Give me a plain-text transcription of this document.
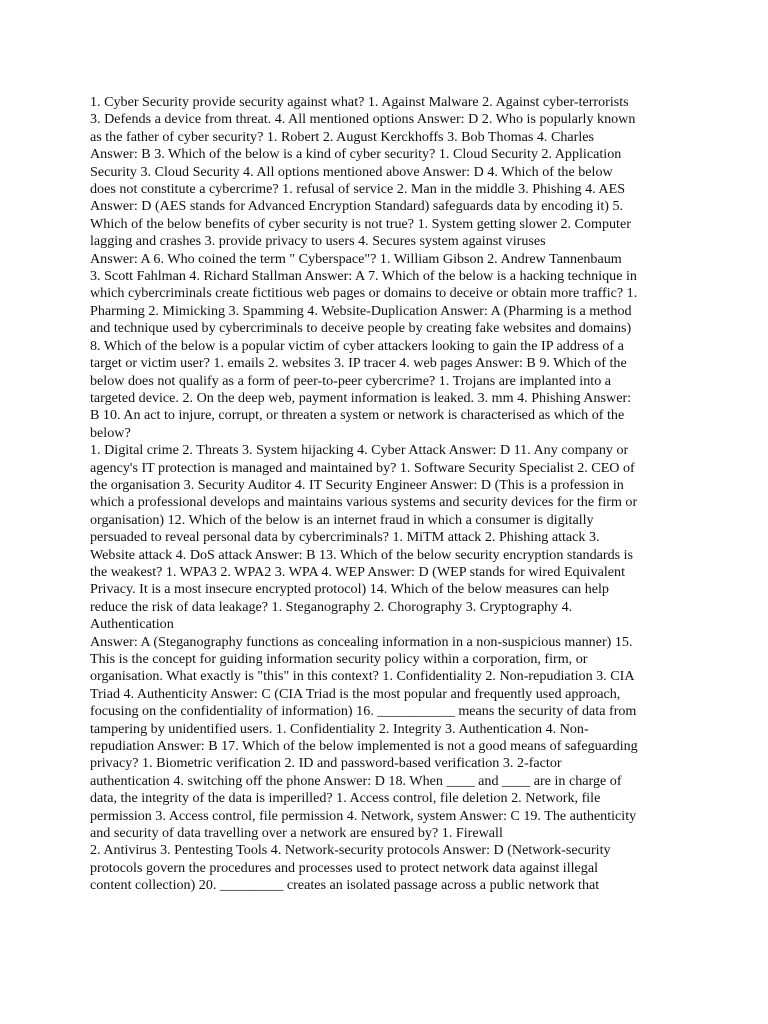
1. Cyber Security provide security against what? 1. Against Malware 2. Against cyber-terrorists
3. Defends a device from threat. 4. All mentioned options Answer: D 2. Who is popularly known
as the father of cyber security? 1. Robert 2. August Kerckhoffs 3. Bob Thomas 4. Charles
Answer: B 3. Which of the below is a kind of cyber security? 1. Cloud Security 2. Application
Security 3. Cloud Security 4. All options mentioned above Answer: D 4. Which of the below
does not constitute a cybercrime? 1. refusal of service 2. Man in the middle 3. Phishing 4. AES
Answer: D (AES stands for Advanced Encryption Standard) safeguards data by encoding it) 5.
Which of the below benefits of cyber security is not true? 1. System getting slower 2. Computer
lagging and crashes 3. provide privacy to users 4. Secures system against viruses
Answer: A 6. Who coined the term " Cyberspace"? 1. William Gibson 2. Andrew Tannenbaum
3. Scott Fahlman 4. Richard Stallman Answer: A 7. Which of the below is a hacking technique in
which cybercriminals create fictitious web pages or domains to deceive or obtain more traffic? 1.
Pharming 2. Mimicking 3. Spamming 4. Website-Duplication Answer: A (Pharming is a method
and technique used by cybercriminals to deceive people by creating fake websites and domains)
8. Which of the below is a popular victim of cyber attackers looking to gain the IP address of a
target or victim user? 1. emails 2. websites 3. IP tracer 4. web pages Answer: B 9. Which of the
below does not qualify as a form of peer-to-peer cybercrime? 1. Trojans are implanted into a
targeted device. 2. On the deep web, payment information is leaked. 3. mm 4. Phishing Answer:
B 10. An act to injure, corrupt, or threaten a system or network is characterised as which of the
below?
1. Digital crime 2. Threats 3. System hijacking 4. Cyber Attack Answer: D 11. Any company or
agency's IT protection is managed and maintained by? 1. Software Security Specialist 2. CEO of
the organisation 3. Security Auditor 4. IT Security Engineer Answer: D (This is a profession in
which a professional develops and maintains various systems and security devices for the firm or
organisation) 12. Which of the below is an internet fraud in which a consumer is digitally
persuaded to reveal personal data by cybercriminals? 1. MiTM attack 2. Phishing attack 3.
Website attack 4. DoS attack Answer: B 13. Which of the below security encryption standards is
the weakest? 1. WPA3 2. WPA2 3. WPA 4. WEP Answer: D (WEP stands for wired Equivalent
Privacy. It is a most insecure encrypted protocol) 14. Which of the below measures can help
reduce the risk of data leakage? 1. Steganography 2. Chorography 3. Cryptography 4.
Authentication
Answer: A (Steganography functions as concealing information in a non-suspicious manner) 15.
This is the concept for guiding information security policy within a corporation, firm, or
organisation. What exactly is "this" in this context? 1. Confidentiality 2. Non-repudiation 3. CIA
Triad 4. Authenticity Answer: C (CIA Triad is the most popular and frequently used approach,
focusing on the confidentiality of information) 16. ___________ means the security of data from
tampering by unidentified users. 1. Confidentiality 2. Integrity 3. Authentication 4. Non-
repudiation Answer: B 17. Which of the below implemented is not a good means of safeguarding
privacy? 1. Biometric verification 2. ID and password-based verification 3. 2-factor
authentication 4. switching off the phone Answer: D 18. When ____ and ____ are in charge of
data, the integrity of the data is imperilled? 1. Access control, file deletion 2. Network, file
permission 3. Access control, file permission 4. Network, system Answer: C 19. The authenticity
and security of data travelling over a network are ensured by? 1. Firewall
2. Antivirus 3. Pentesting Tools 4. Network-security protocols Answer: D (Network-security
protocols govern the procedures and processes used to protect network data against illegal
content collection) 20. _________ creates an isolated passage across a public network that
